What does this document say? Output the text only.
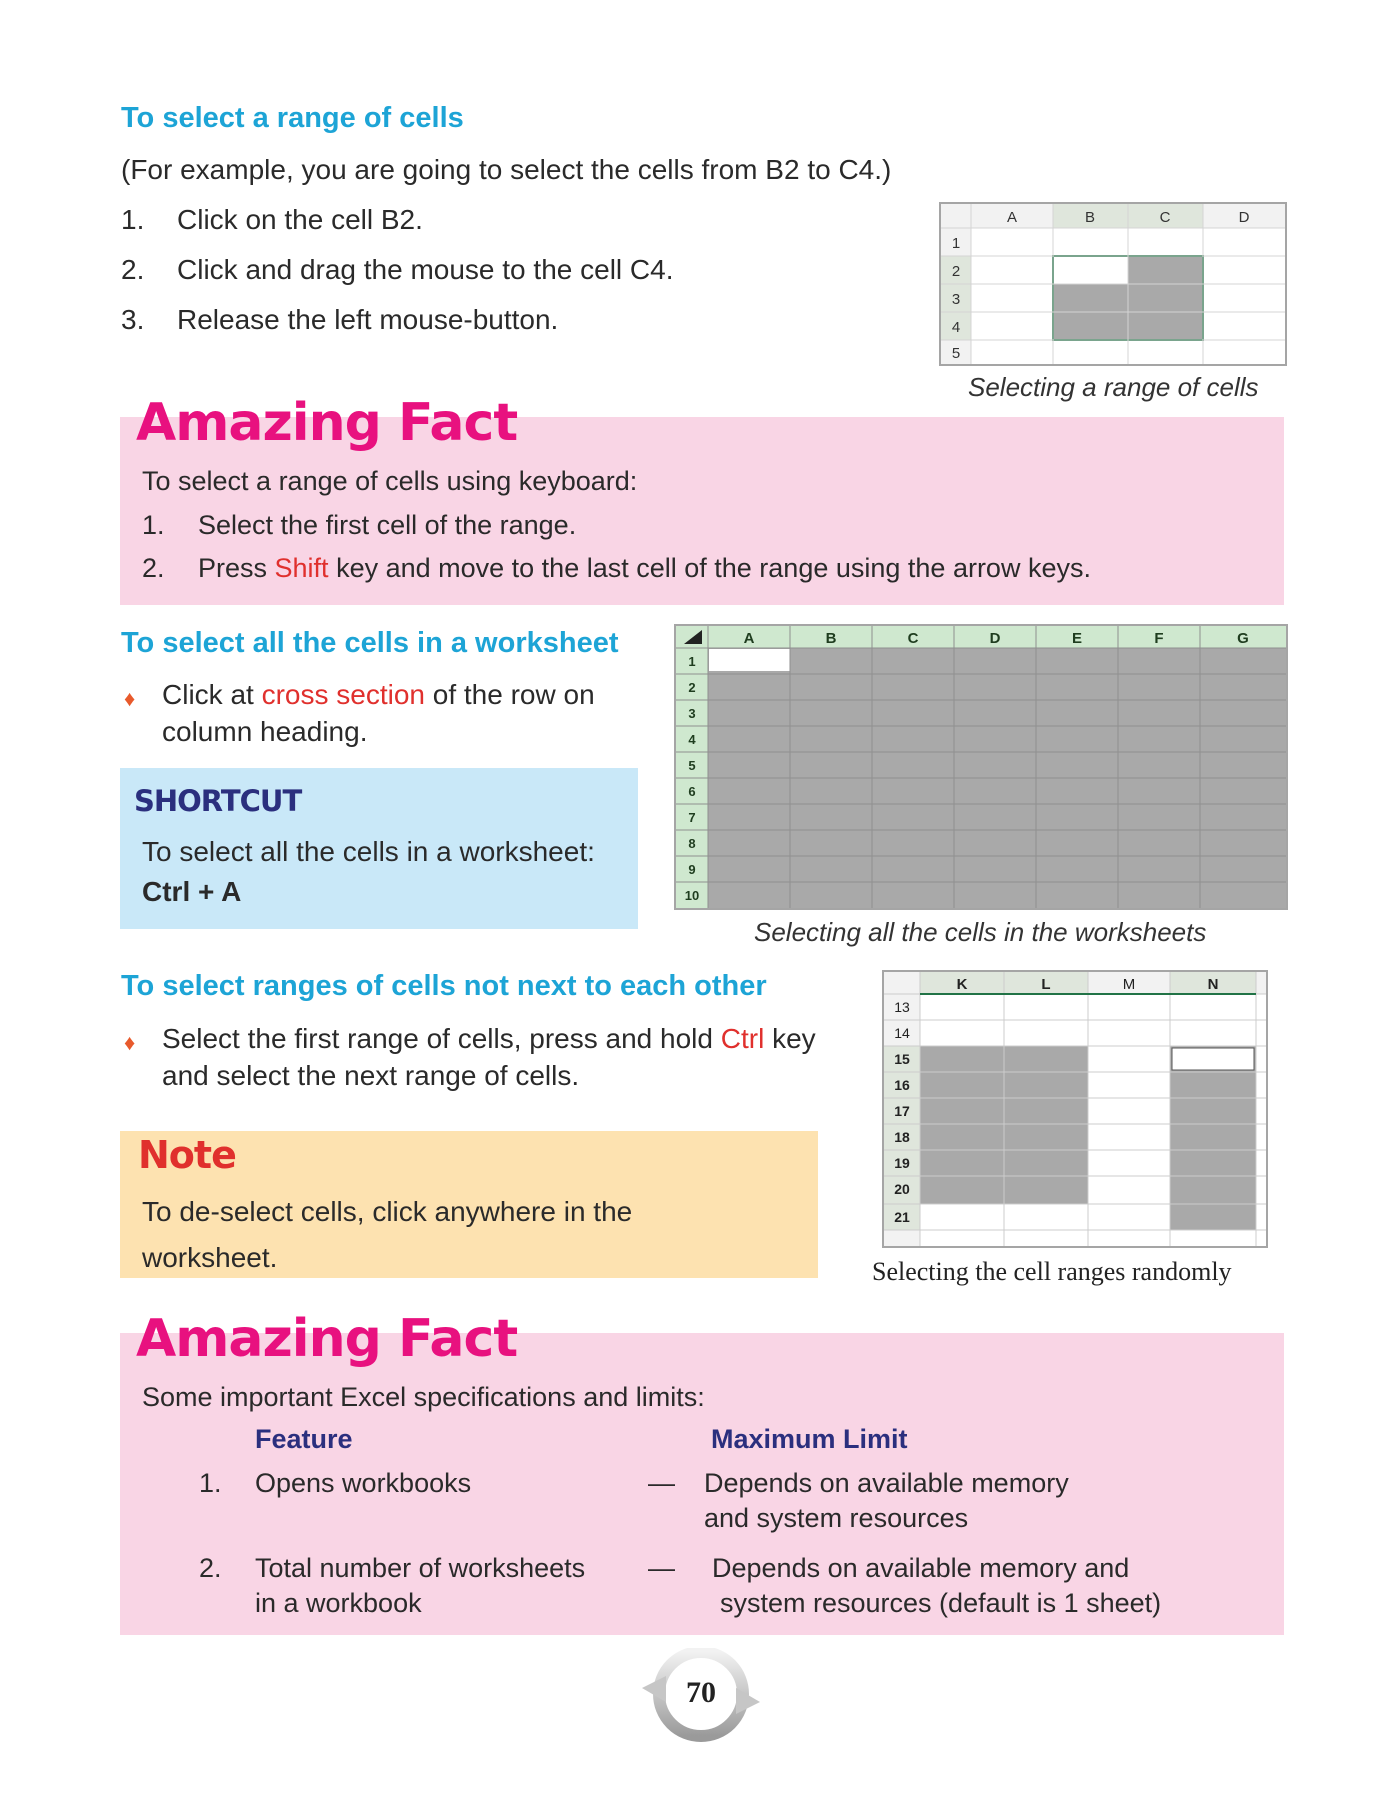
To select a range of cells
(For example, you are going to select the cells from B2 to C4.)
1. Click on the cell B2.
2. Click and drag the mouse to the cell C4.
3. Release the left mouse-button.
A	B	C	D
1
2
3
4
5
Selecting a range of cells
Amazing Fact
To select a range of cells using keyboard:
1. Select the first cell of the range.
2. Press Shift key and move to the last cell of the range using the arrow keys.
To select all the cells in a worksheet
♦ Click at cross section of the row on column heading.
SHORTCUT
To select all the cells in a worksheet:
Ctrl + A
A	B	C	D	E	F	G
1
2
3
4
5
6
7
8
9
10
Selecting all the cells in the worksheets
To select ranges of cells not next to each other
♦ Select the first range of cells, press and hold Ctrl key and select the next range of cells.
Note
To de-select cells, click anywhere in the worksheet.
K	L	M	N
13
14
15
16
17
18
19
20
21
Selecting the cell ranges randomly
Amazing Fact
Some important Excel specifications and limits:
Feature	Maximum Limit
1. Opens workbooks	— Depends on available memory
and system resources
2. Total number of worksheets
in a workbook
— Depends on available memory and
system resources (default is 1 sheet)
70
